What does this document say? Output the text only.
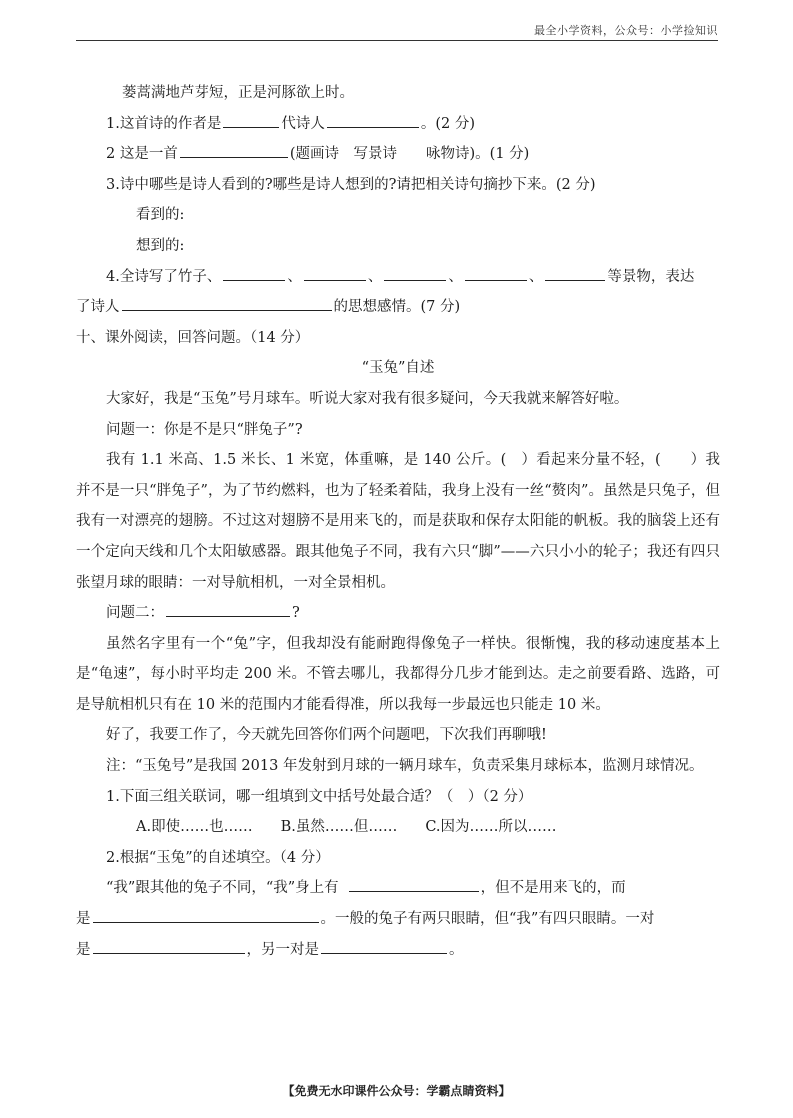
最全小学资料，公众号：小学捡知识
蒌蒿满地芦芽短，正是河豚欲上时。
1.这首诗的作者是	代诗人	。(2 分)
2 这是一首	(题画诗　写景诗　　咏物诗)。(1 分)
3.诗中哪些是诗人看到的?哪些是诗人想到的?请把相关诗句摘抄下来。(2 分)
看到的:
想到的:
4.全诗写了竹子、	、	、	、	、	等景物，表达
了诗人	的思想感情。(7 分)
十、课外阅读，回答问题。（14 分）
“玉兔”自述
大家好，我是“玉兔”号月球车。听说大家对我有很多疑问，今天我就来解答好啦。
问题一：你是不是只“胖兔子”?
我有 1.1 米高、1.5 米长、1 米宽，体重嘛，是 140 公斤。(　）看起来分量不轻，(　　）我并不是一只“胖兔子”，为了节约燃料，也为了轻柔着陆，我身上没有一丝“赘肉”。虽然是只兔子，但我有一对漂亮的翅膀。不过这对翅膀不是用来飞的，而是获取和保存太阳能的帆板。我的脑袋上还有一个定向天线和几个太阳敏感器。跟其他兔子不同，我有六只“脚”——六只小小的轮子；我还有四只张望月球的眼睛：一对导航相机，一对全景相机。
问题二：	?
虽然名字里有一个“兔”字，但我却没有能耐跑得像兔子一样快。很惭愧，我的移动速度基本上是“龟速”，每小时平均走 200 米。不管去哪儿，我都得分几步才能到达。走之前要看路、选路，可是导航相机只有在 10 米的范围内才能看得准，所以我每一步最远也只能走 10 米。
好了，我要工作了，今天就先回答你们两个问题吧，下次我们再聊哦!
注：“玉兔号”是我国 2013 年发射到月球的一辆月球车，负责采集月球标本，监测月球情况。
1.下面三组关联词，哪一组填到文中括号处最合适？（　）（2 分）
A.即使……也…… B.虽然……但…… C.因为……所以……
2.根据“玉兔”的自述填空。（4 分）
“我”跟其他的兔子不同，“我”身上有	，但不是用来飞的，而
是	。一般的兔子有两只眼睛，但“我”有四只眼睛。一对
是	，另一对是	。
【免费无水印课件公众号：学霸点睛资料】
